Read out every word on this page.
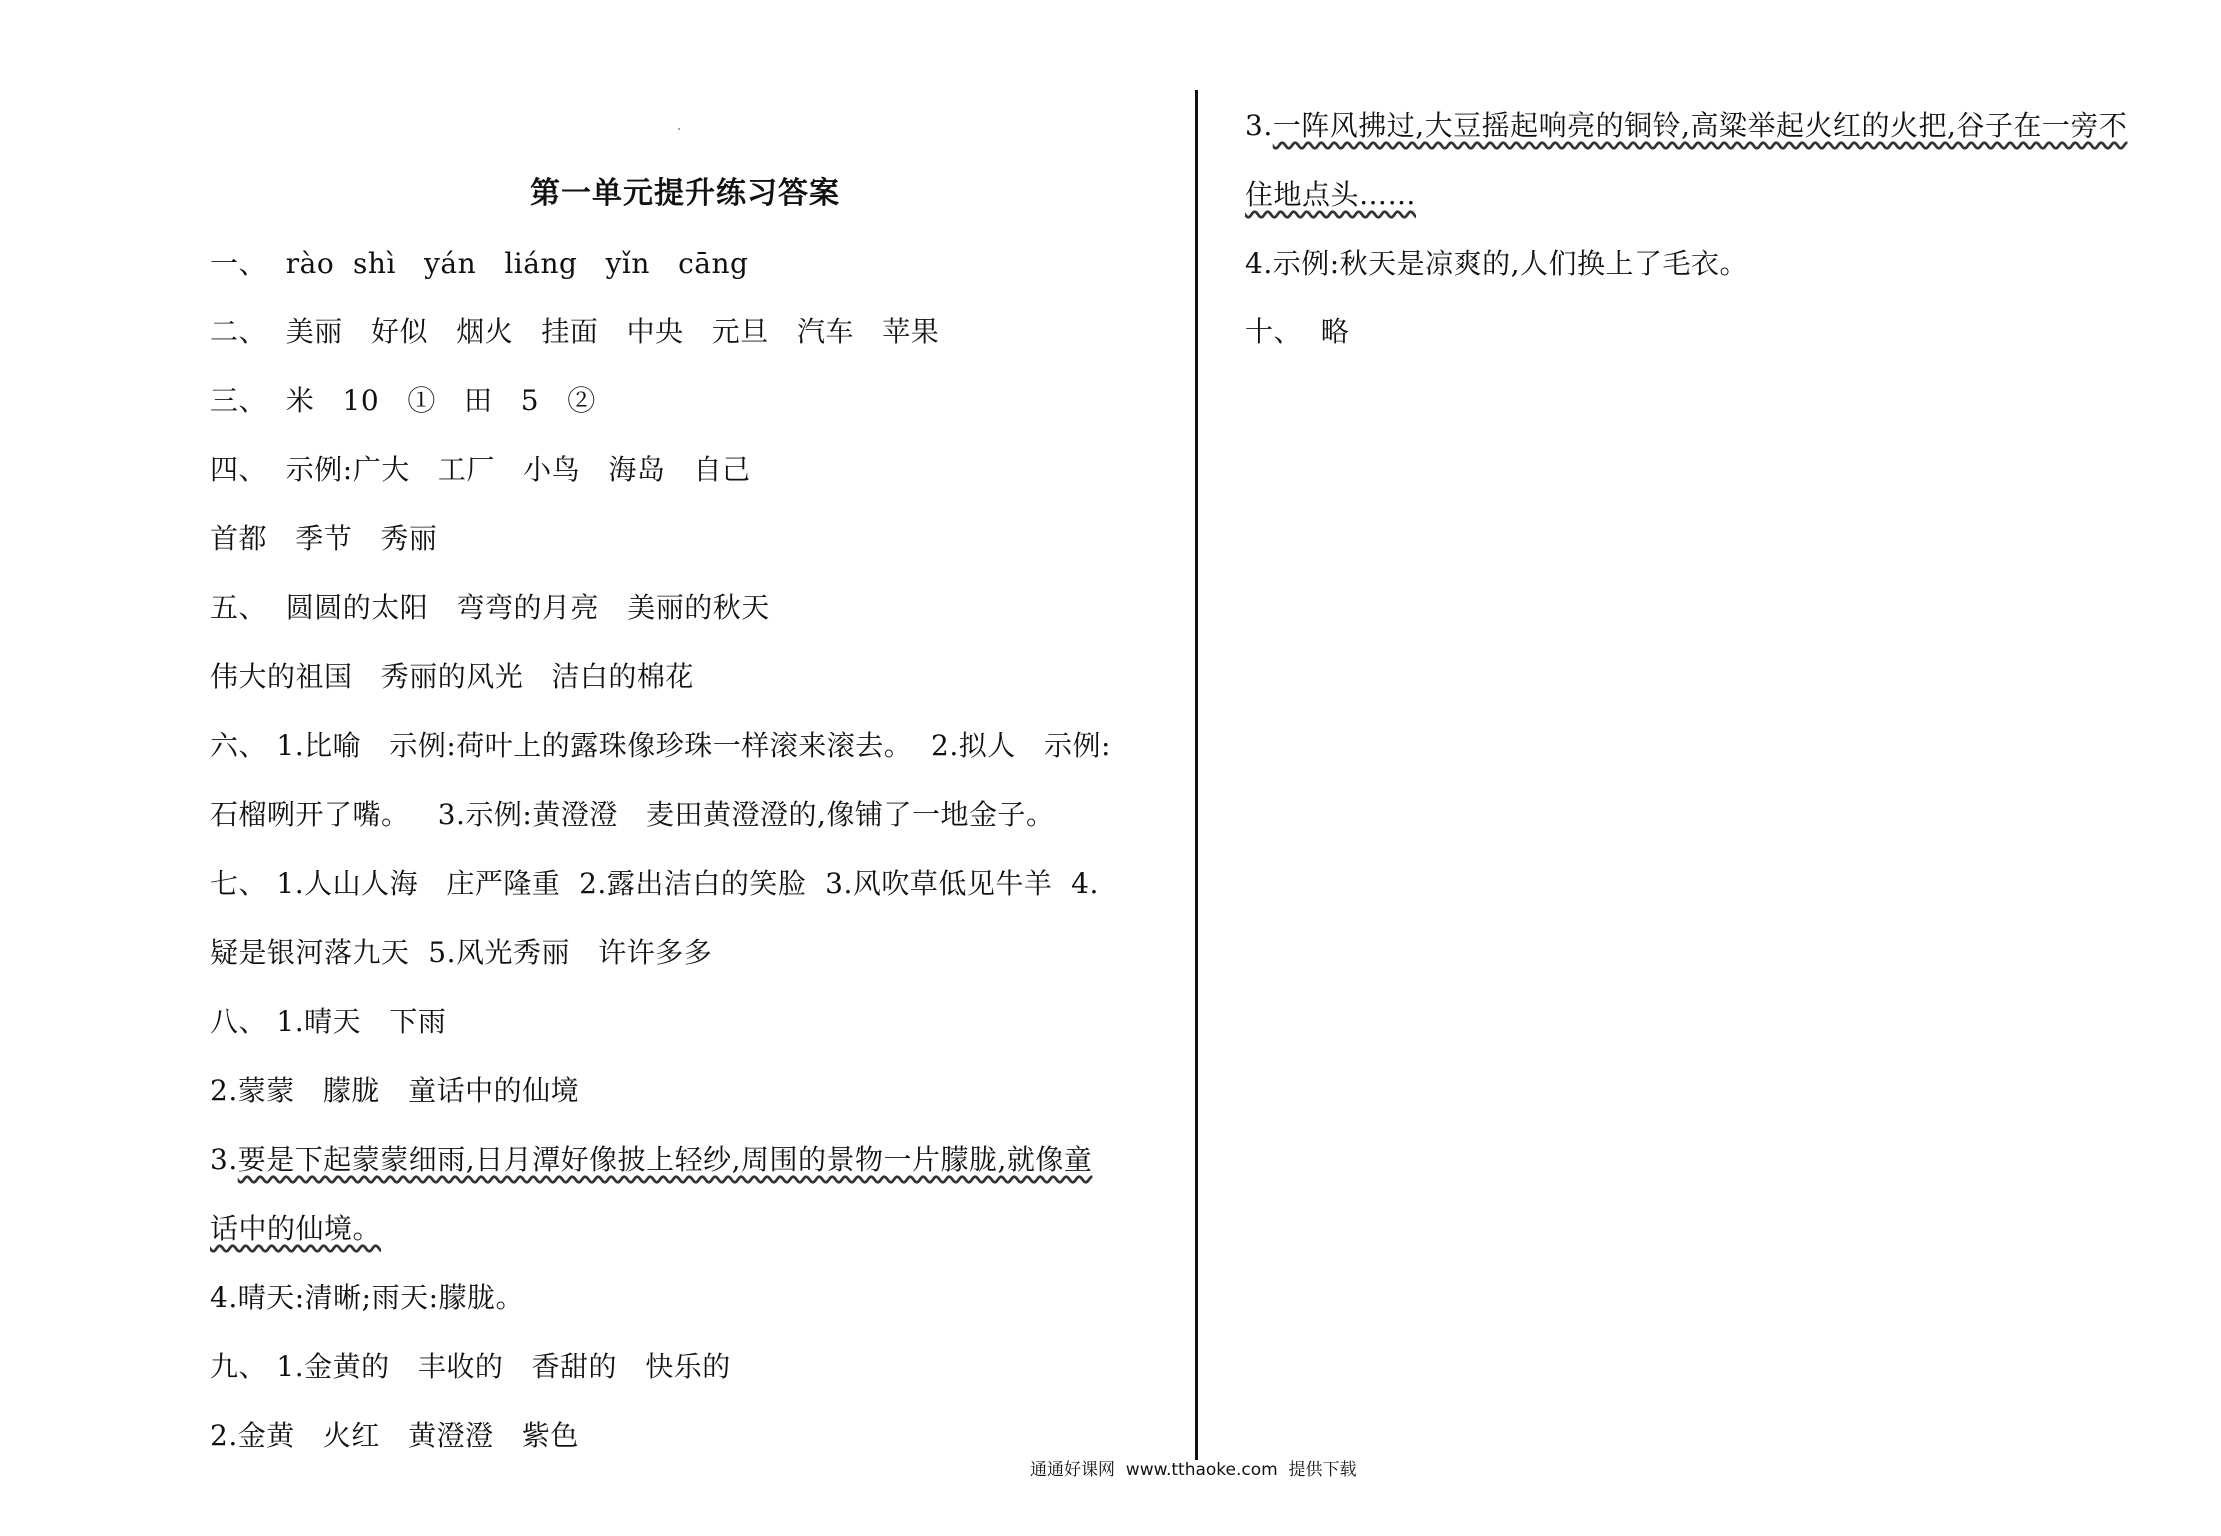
第一单元提升练习答案
一、  ràο  shì   yán   liáng   yǐn   cāng
二、  美丽   好似   烟火   挂面   中央   元旦   汽车   苹果
三、  米   10   ①   田   5   ②
四、  示例:广大   工厂   小鸟   海岛   自己
首都   季节   秀丽
五、  圆圆的太阳   弯弯的月亮   美丽的秋天
伟大的祖国   秀丽的风光   洁白的棉花
六、 1.比喻   示例:荷叶上的露珠像珍珠一样滚来滚去。  2.拟人   示例:
石榴咧开了嘴。   3.示例:黄澄澄   麦田黄澄澄的,像铺了一地金子。
七、 1.人山人海   庄严隆重  2.露出洁白的笑脸  3.风吹草低见牛羊  4.
疑是银河落九天  5.风光秀丽   许许多多
八、 1.晴天   下雨
2.蒙蒙   朦胧   童话中的仙境
3.要是下起蒙蒙细雨,日月潭好像披上轻纱,周围的景物一片朦胧,就像童
话中的仙境。
4.晴天:清晰;雨天:朦胧。
九、 1.金黄的   丰收的   香甜的   快乐的
2.金黄   火红   黄澄澄   紫色
3.一阵风拂过,大豆摇起响亮的铜铃,高粱举起火红的火把,谷子在一旁不
住地点头……
4.示例:秋天是凉爽的,人们换上了毛衣。
十、  略
通通好课网  www.tthaoke.com  提供下载
